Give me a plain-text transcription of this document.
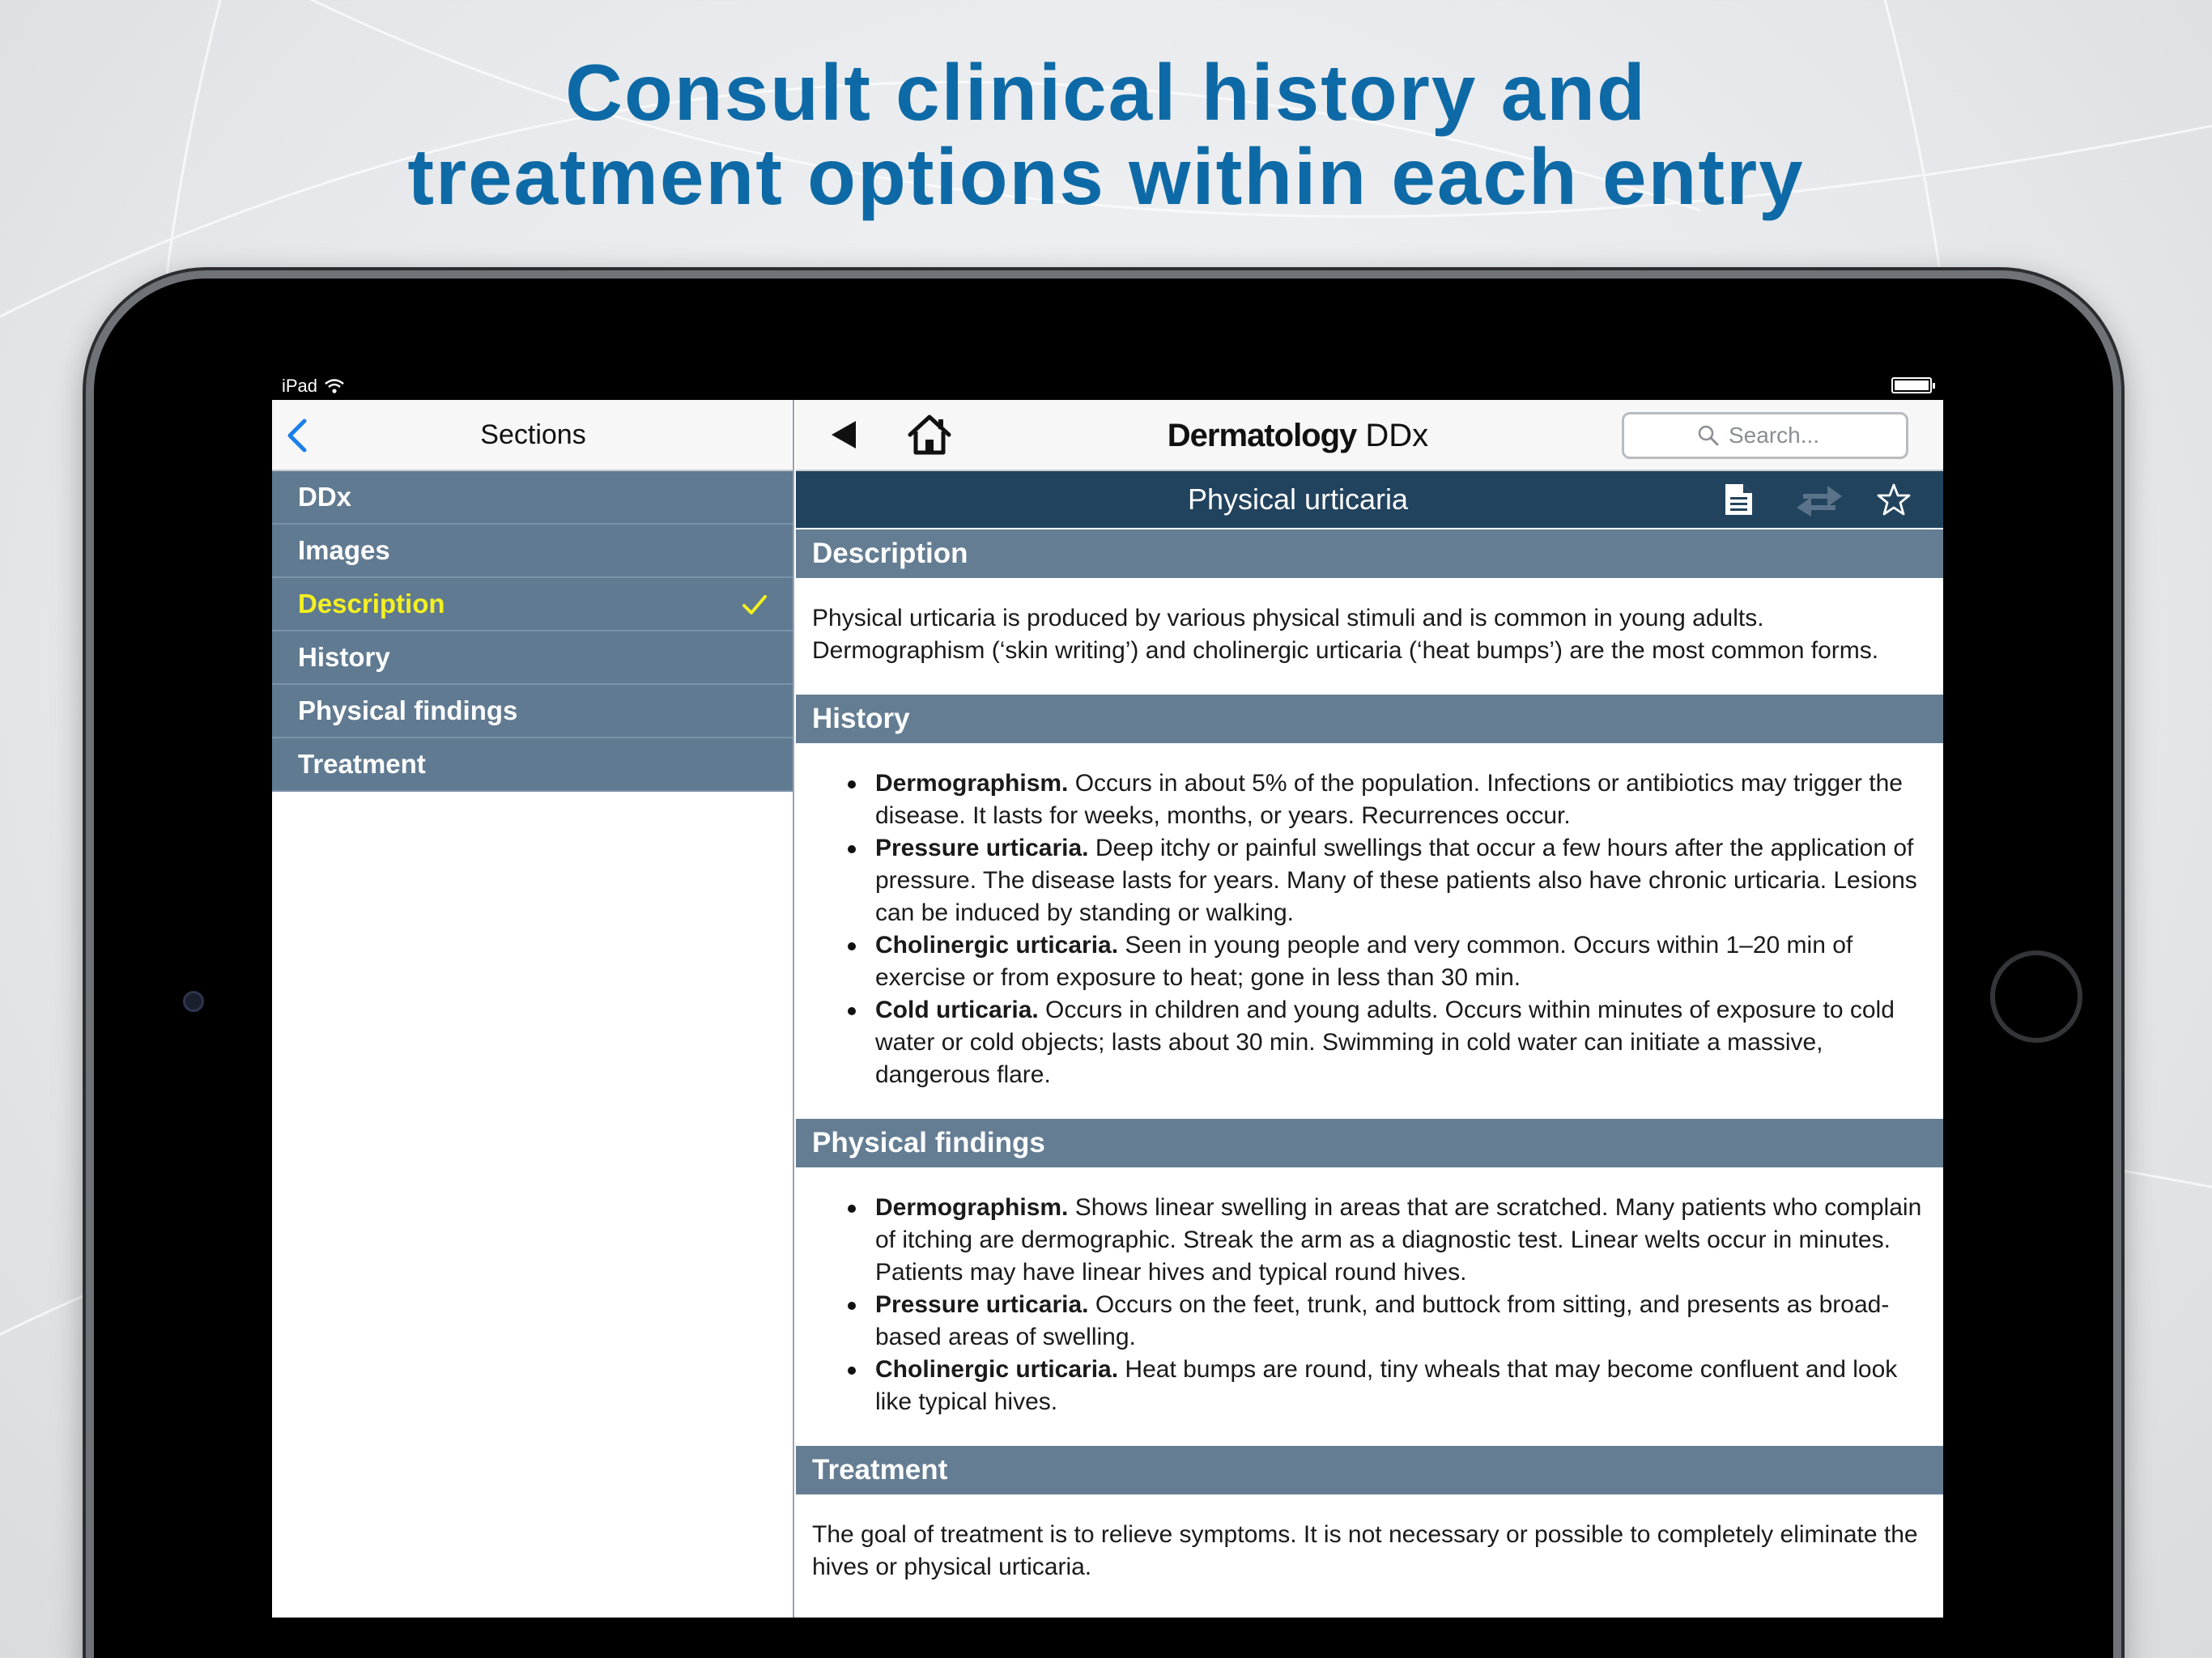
Consult clinical history and
treatment options within each entry
iPad
Sections
DDx
Images
Description
History
Physical findings
Treatment
Dermatology DDx
Search...
Physical urticaria
Description

Physical urticaria is produced by various physical stimuli and is common in young adults. Dermographism (‘skin writing’) and cholinergic urticaria (‘heat bumps’) are the most common forms.

History
Dermographism. Occurs in about 5% of the population. Infections or antibiotics may trigger the disease. It lasts for weeks, months, or years. Recurrences occur.
Pressure urticaria. Deep itchy or painful swellings that occur a few hours after the application of pressure. The disease lasts for years. Many of these patients also have chronic urticaria. Lesions can be induced by standing or walking.
Cholinergic urticaria. Seen in young people and very common. Occurs within 1–20 min of exercise or from exposure to heat; gone in less than 30 min.
Cold urticaria. Occurs in children and young adults. Occurs within minutes of exposure to cold water or cold objects; lasts about 30 min. Swimming in cold water can initiate a massive, dangerous flare.
Physical findings
Dermographism. Shows linear swelling in areas that are scratched. Many patients who complain of itching are dermographic. Streak the arm as a diagnostic test. Linear welts occur in minutes. Patients may have linear hives and typical round hives.
Pressure urticaria. Occurs on the feet, trunk, and buttock from sitting, and presents as broad-based areas of swelling.
Cholinergic urticaria. Heat bumps are round, tiny wheals that may become confluent and look like typical hives.
Treatment

The goal of treatment is to relieve symptoms. It is not necessary or possible to completely eliminate the hives or physical urticaria.
